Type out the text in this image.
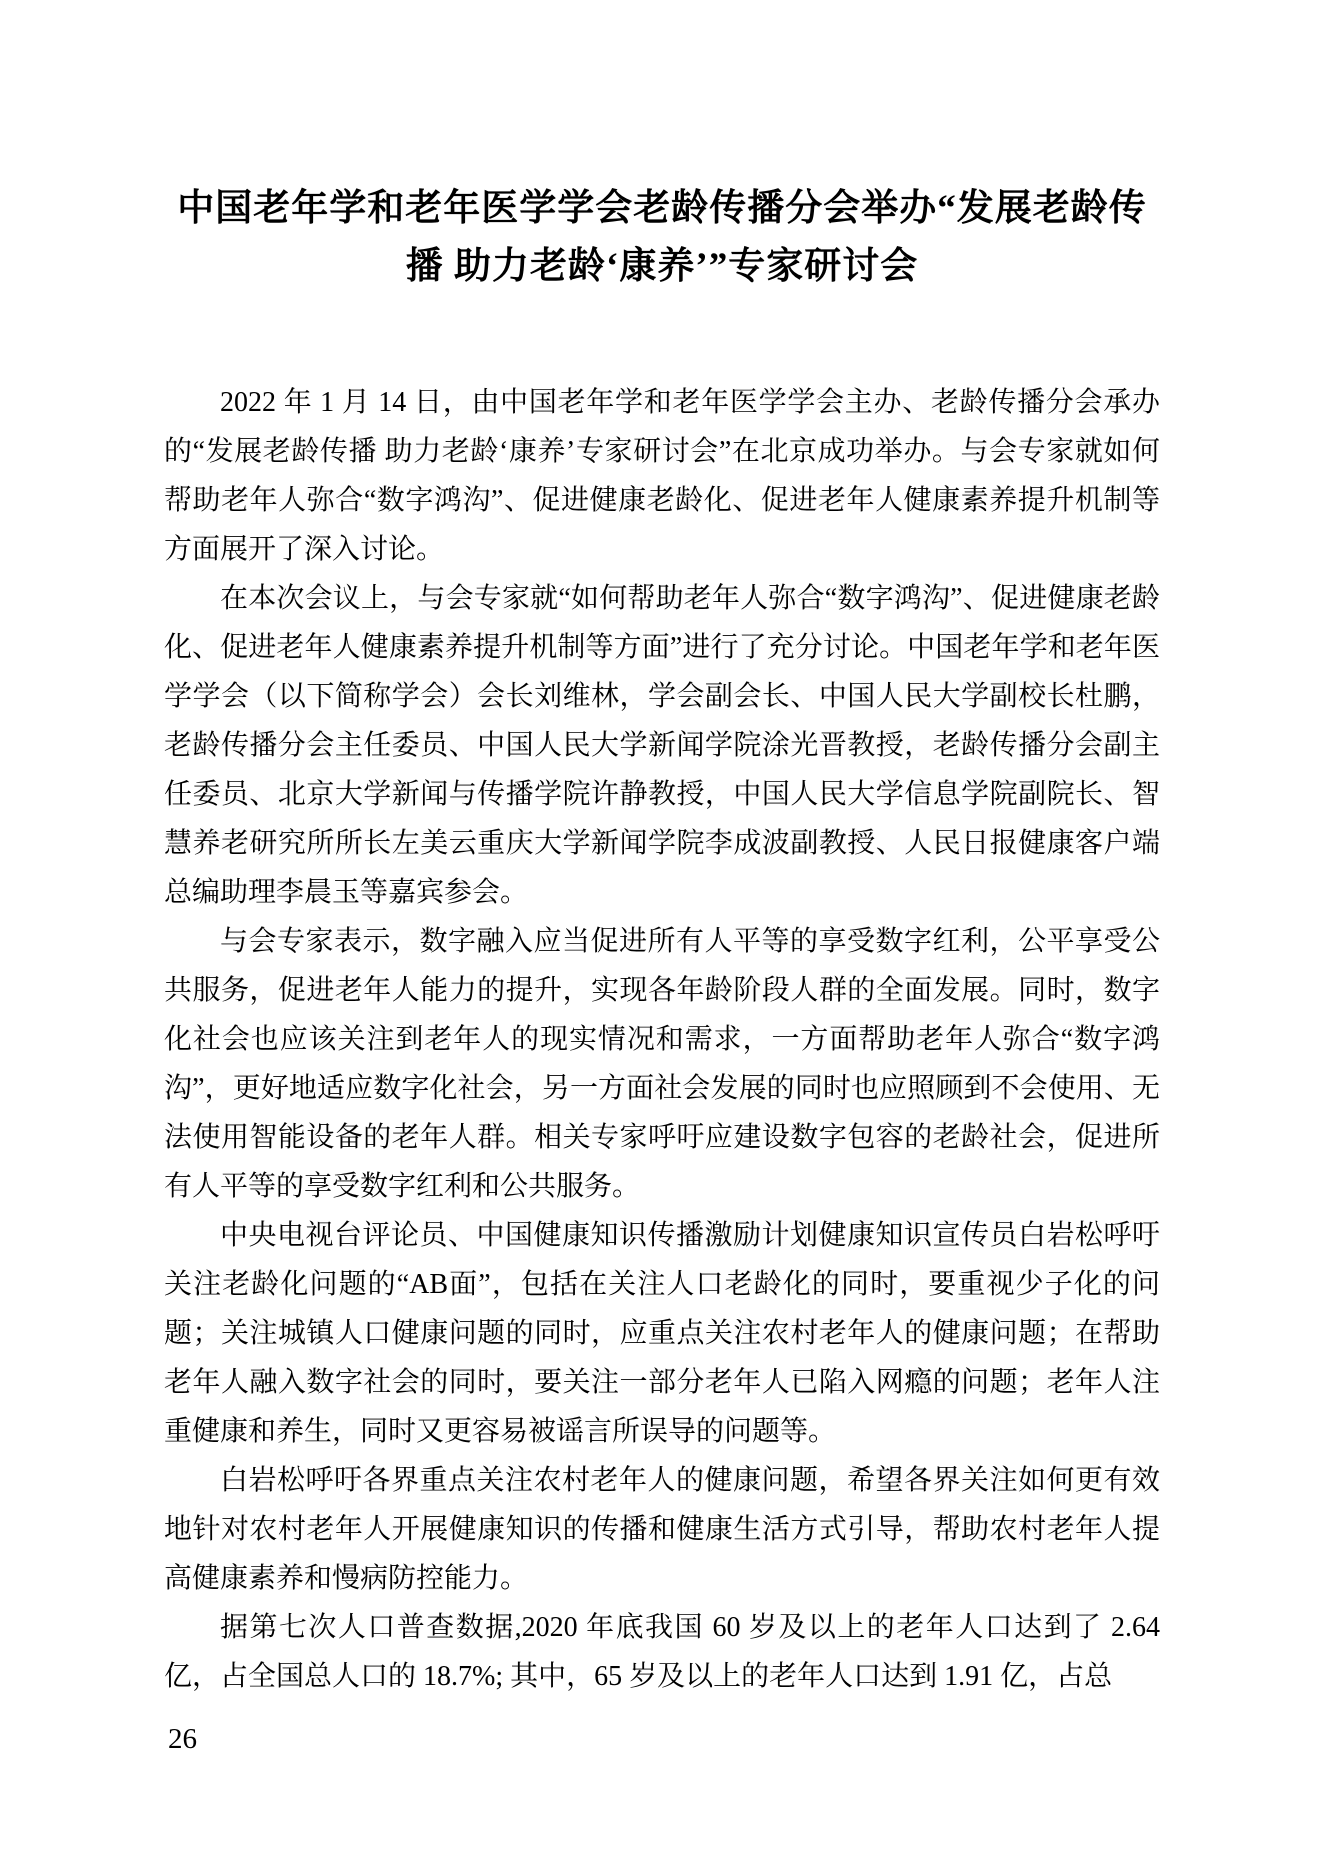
中国老年学和老年医学学会老龄传播分会举办“发展老龄传
播 助力老龄‘康养’”专家研讨会

2022 年 1 月 14 日，由中国老年学和老年医学学会主办、老龄传播分会承办的“发展老龄传播 助力老龄‘康养’专家研讨会”在北京成功举办。与会专家就如何帮助老年人弥合“数字鸿沟”、促进健康老龄化、促进老年人健康素养提升机制等方面展开了深入讨论。

在本次会议上，与会专家就“如何帮助老年人弥合“数字鸿沟”、促进健康老龄化、促进老年人健康素养提升机制等方面”进行了充分讨论。中国老年学和老年医学学会（以下简称学会）会长刘维林，学会副会长、中国人民大学副校长杜鹏，老龄传播分会主任委员、中国人民大学新闻学院涂光晋教授，老龄传播分会副主任委员、北京大学新闻与传播学院许静教授，中国人民大学信息学院副院长、智慧养老研究所所长左美云重庆大学新闻学院李成波副教授、人民日报健康客户端总编助理李晨玉等嘉宾参会。

与会专家表示，数字融入应当促进所有人平等的享受数字红利，公平享受公共服务，促进老年人能力的提升，实现各年龄阶段人群的全面发展。同时，数字化社会也应该关注到老年人的现实情况和需求，一方面帮助老年人弥合“数字鸿沟”，更好地适应数字化社会，另一方面社会发展的同时也应照顾到不会使用、无法使用智能设备的老年人群。相关专家呼吁应建设数字包容的老龄社会，促进所有人平等的享受数字红利和公共服务。

中央电视台评论员、中国健康知识传播激励计划健康知识宣传员白岩松呼吁关注老龄化问题的“AB面”，包括在关注人口老龄化的同时，要重视少子化的问题；关注城镇人口健康问题的同时，应重点关注农村老年人的健康问题；在帮助老年人融入数字社会的同时，要关注一部分老年人已陷入网瘾的问题；老年人注重健康和养生，同时又更容易被谣言所误导的问题等。

白岩松呼吁各界重点关注农村老年人的健康问题，希望各界关注如何更有效地针对农村老年人开展健康知识的传播和健康生活方式引导，帮助农村老年人提高健康素养和慢病防控能力。

据第七次人口普查数据,2020 年底我国 60 岁及以上的老年人口达到了 2.64 亿，占全国总人口的 18.7%; 其中，65 岁及以上的老年人口达到 1.91 亿，占总

26
